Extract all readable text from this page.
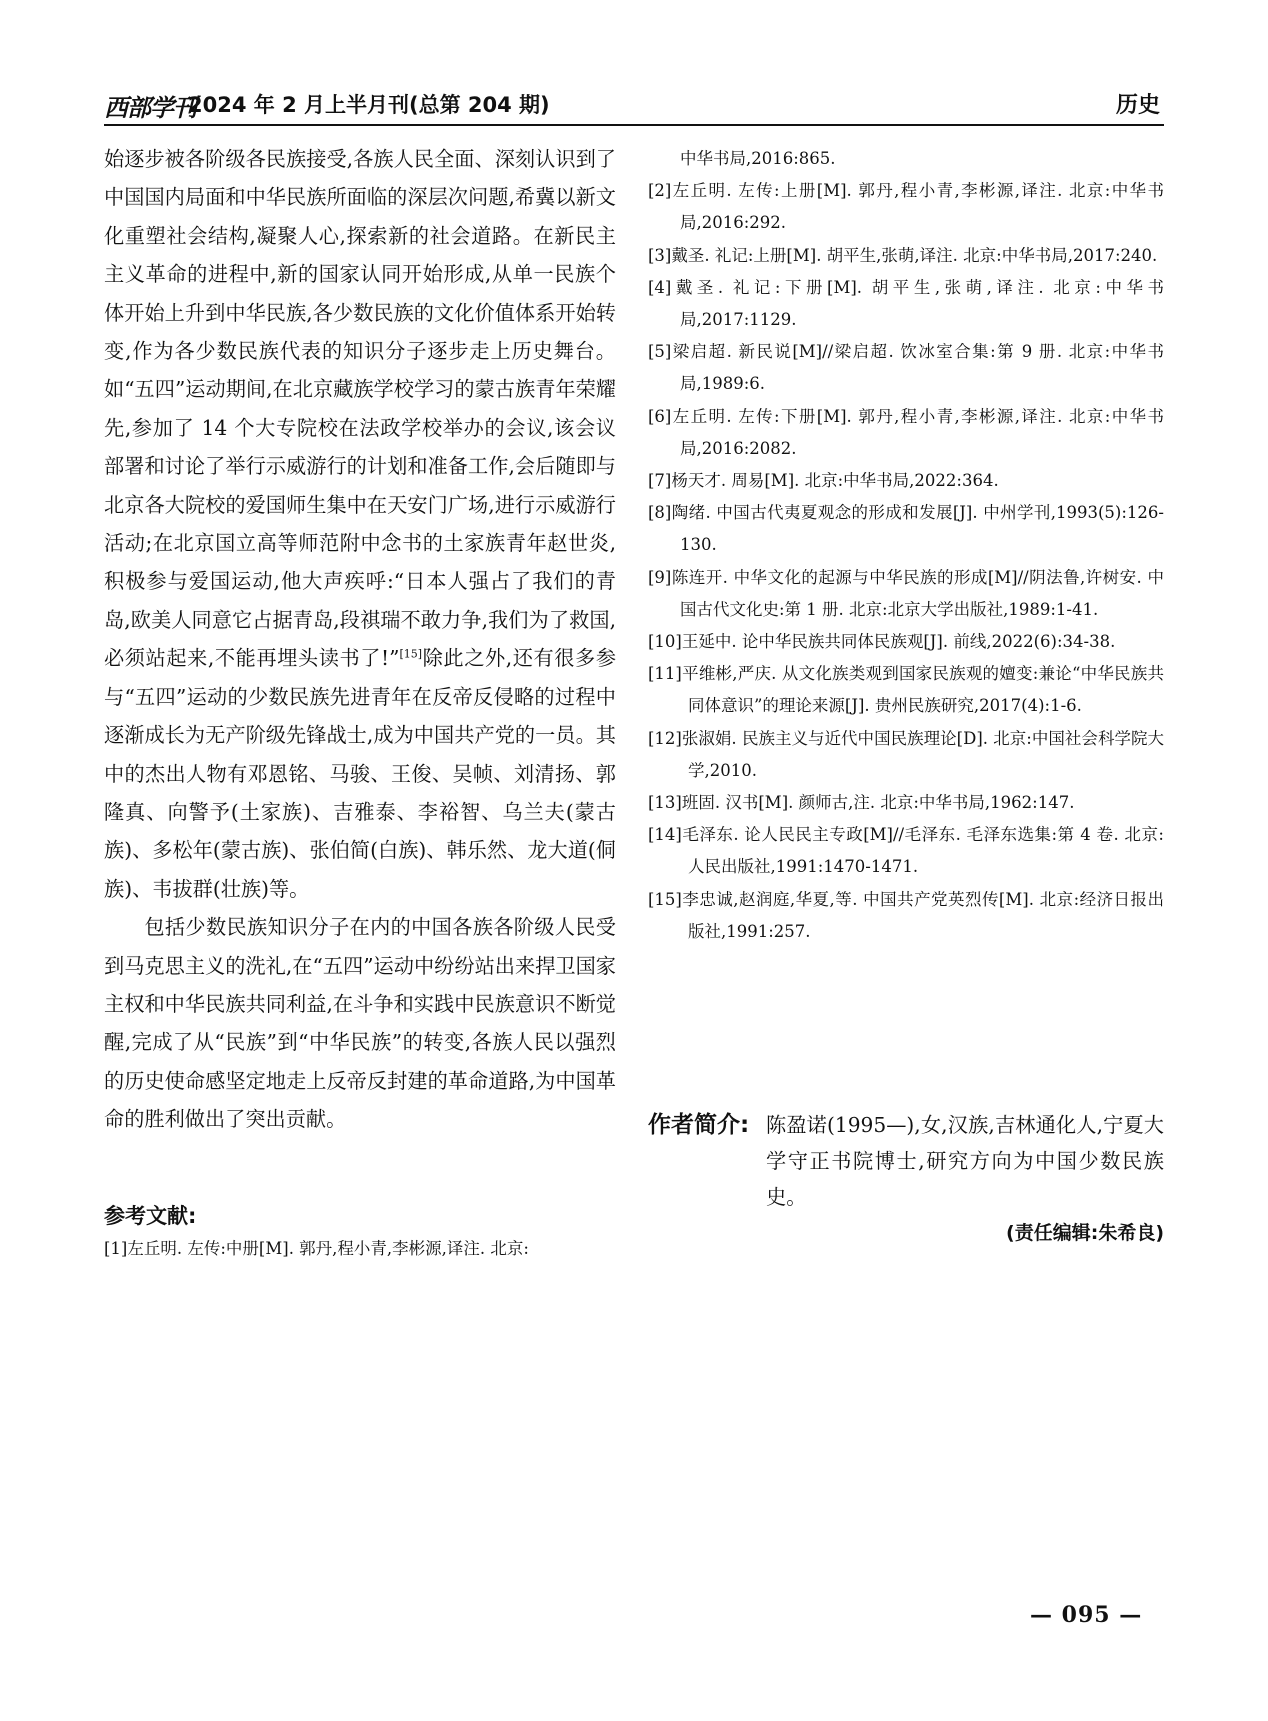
西部学刊
2024 年 2 月上半月刊(总第 204 期)	历史

始逐步被各阶级各民族接受,各族人民全面、深刻认识到了中国国内局面和中华民族所面临的深层次问题,希冀以新文化重塑社会结构,凝聚人心,探索新的社会道路。在新民主主义革命的进程中,新的国家认同开始形成,从单一民族个体开始上升到中华民族,各少数民族的文化价值体系开始转变,作为各少数民族代表的知识分子逐步走上历史舞台。如“五四”运动期间,在北京藏族学校学习的蒙古族青年荣耀先,参加了 14 个大专院校在法政学校举办的会议,该会议部署和讨论了举行示威游行的计划和准备工作,会后随即与北京各大院校的爱国师生集中在天安门广场,进行示威游行活动;在北京国立高等师范附中念书的土家族青年赵世炎,积极参与爱国运动,他大声疾呼:“日本人强占了我们的青岛,欧美人同意它占据青岛,段祺瑞不敢力争,我们为了救国,必须站起来,不能再埋头读书了!”[15]除此之外,还有很多参与“五四”运动的少数民族先进青年在反帝反侵略的过程中逐渐成长为无产阶级先锋战士,成为中国共产党的一员。其中的杰出人物有邓恩铭、马骏、王俊、吴帧、刘清扬、郭隆真、向警予(土家族)、吉雅泰、李裕智、乌兰夫(蒙古族)、多松年(蒙古族)、张伯简(白族)、韩乐然、龙大道(侗族)、韦拔群(壮族)等。

包括少数民族知识分子在内的中国各族各阶级人民受到马克思主义的洗礼,在“五四”运动中纷纷站出来捍卫国家主权和中华民族共同利益,在斗争和实践中民族意识不断觉醒,完成了从“民族”到“中华民族”的转变,各族人民以强烈的历史使命感坚定地走上反帝反封建的革命道路,为中国革命的胜利做出了突出贡献。

参考文献:
[1]左丘明. 左传:中册[M]. 郭丹,程小青,李彬源,译注. 北京:

中华书局,2016:865.

[2]左丘明. 左传:上册[M]. 郭丹,程小青,李彬源,译注. 北京:中华书局,2016:292.

[3]戴圣. 礼记:上册[M]. 胡平生,张萌,译注. 北京:中华书局,2017:240.

[4]戴圣. 礼记:下册[M]. 胡平生,张萌,译注. 北京:中华书局,2017:1129.

[5]梁启超. 新民说[M]//梁启超. 饮冰室合集:第 9 册. 北京:中华书局,1989:6.

[6]左丘明. 左传:下册[M]. 郭丹,程小青,李彬源,译注. 北京:中华书局,2016:2082.

[7]杨天才. 周易[M]. 北京:中华书局,2022:364.

[8]陶绪. 中国古代夷夏观念的形成和发展[J]. 中州学刊,1993(5):126-130.

[9]陈连开. 中华文化的起源与中华民族的形成[M]//阴法鲁,许树安. 中国古代文化史:第 1 册. 北京:北京大学出版社,1989:1-41.

[10]王延中. 论中华民族共同体民族观[J]. 前线,2022(6):34-38.

[11]平维彬,严庆. 从文化族类观到国家民族观的嬗变:兼论“中华民族共同体意识”的理论来源[J]. 贵州民族研究,2017(4):1-6.

[12]张淑娟. 民族主义与近代中国民族理论[D]. 北京:中国社会科学院大学,2010.

[13]班固. 汉书[M]. 颜师古,注. 北京:中华书局,1962:147.

[14]毛泽东. 论人民民主专政[M]//毛泽东. 毛泽东选集:第 4 卷. 北京:人民出版社,1991:1470-1471.

[15]李忠诚,赵润庭,华夏,等. 中国共产党英烈传[M]. 北京:经济日报出版社,1991:257.

作者简介: 陈盈诺(1995—),女,汉族,吉林通化人,宁夏大学守正书院博士,研究方向为中国少数民族史。
(责任编辑:朱希良)
— 095 —
